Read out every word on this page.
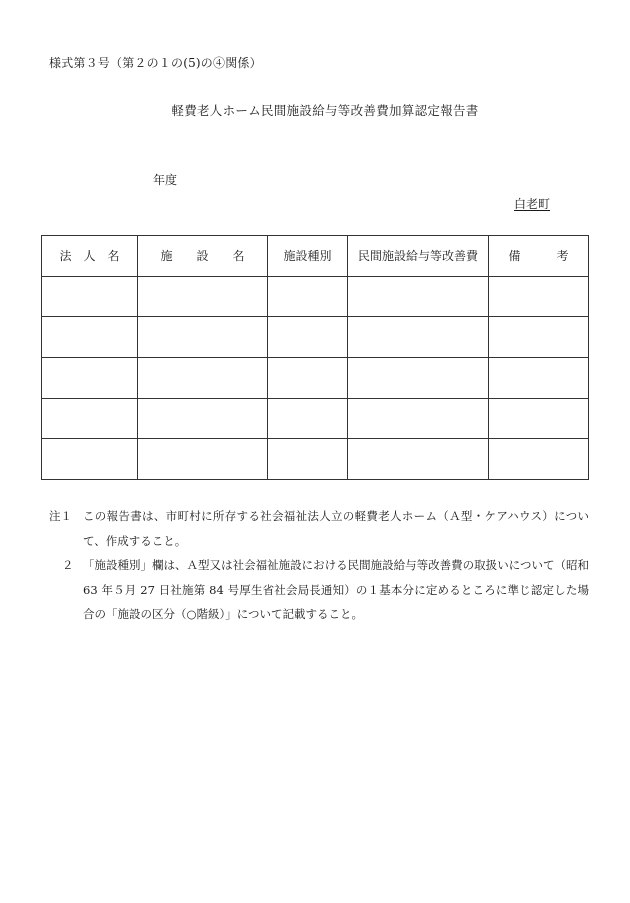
様式第３号（第２の１の(5)の④関係）
軽費老人ホーム民間施設給与等改善費加算認定報告書
年度
白老町
法　人　名	施　　設　　名	施設種別	民間施設給与等改善費	備　　　考

注１ この報告書は、市町村に所存する社会福祉法人立の軽費老人ホーム（Ａ型・ケアハウス）について、作成すること。
２ 「施設種別」欄は、Ａ型又は社会福祉施設における民間施設給与等改善費の取扱いについて（昭和 63 年５月 27 日社施第 84 号厚生省社会局長通知）の１基本分に定めるところに準じ認定した場合の「施設の区分（○階級）」について記載すること。
